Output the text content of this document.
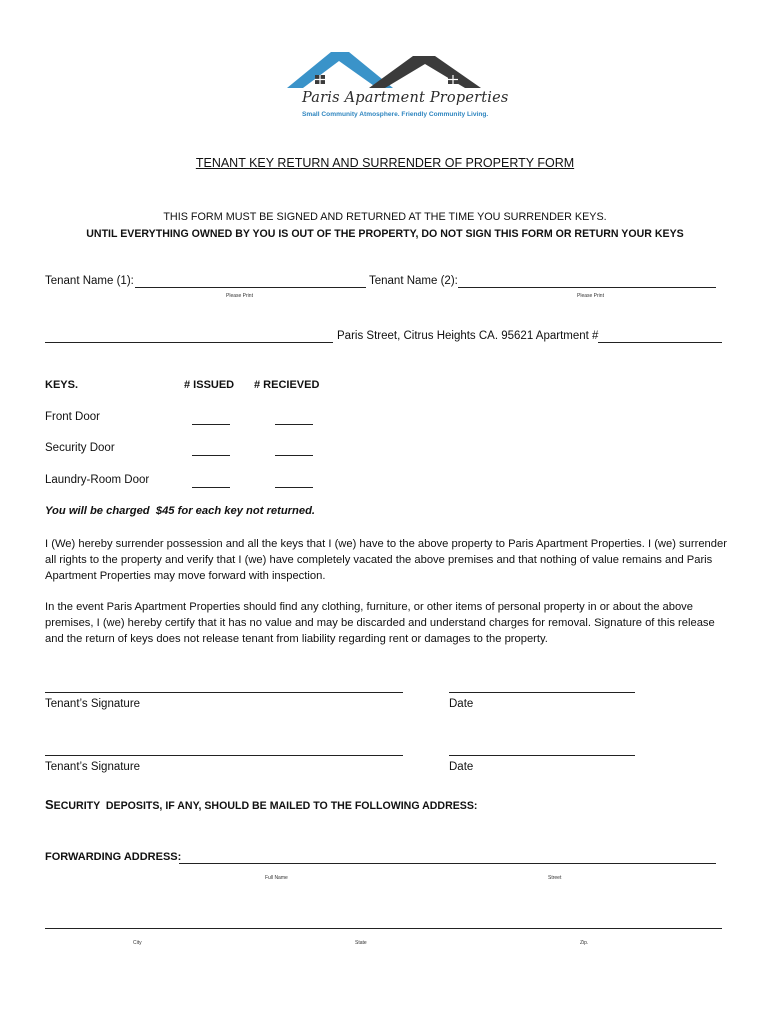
Paris Apartment Properties
Small Community Atmosphere. Friendly Community Living.
TENANT KEY RETURN AND SURRENDER OF PROPERTY FORM
THIS FORM MUST BE SIGNED AND RETURNED AT THE TIME YOU SURRENDER KEYS.
UNTIL EVERYTHING OWNED BY YOU IS OUT OF THE PROPERTY, DO NOT SIGN THIS FORM OR RETURN YOUR KEYS
Tenant Name (1):	Tenant Name (2):
Please Print	Please Print
Paris Street, Citrus Heights CA. 95621 Apartment #
KEYS.	# ISSUED # RECIEVED
Front Door
Security Door
Laundry-Room Door
You will be charged  $45 for each key not returned.
I (We) hereby surrender possession and all the keys that I (we) have to the above property to Paris Apartment Properties. I (we) surrender all rights to the property and verify that I (we) have completely vacated the above premises and that nothing of value remains and Paris Apartment Properties may move forward with inspection.
In the event Paris Apartment Properties should find any clothing, furniture, or other items of personal property in or about the above premises, I (we) hereby certify that it has no value and may be discarded and understand charges for removal. Signature of this release and the return of keys does not release tenant from liability regarding rent or damages to the property.
Tenant’s Signature	Date
Tenant’s Signature	Date
SECURITY  DEPOSITS, IF ANY, SHOULD BE MAILED TO THE FOLLOWING ADDRESS:
FORWARDING ADDRESS:
Full Name	Street
City	State	Zip.
